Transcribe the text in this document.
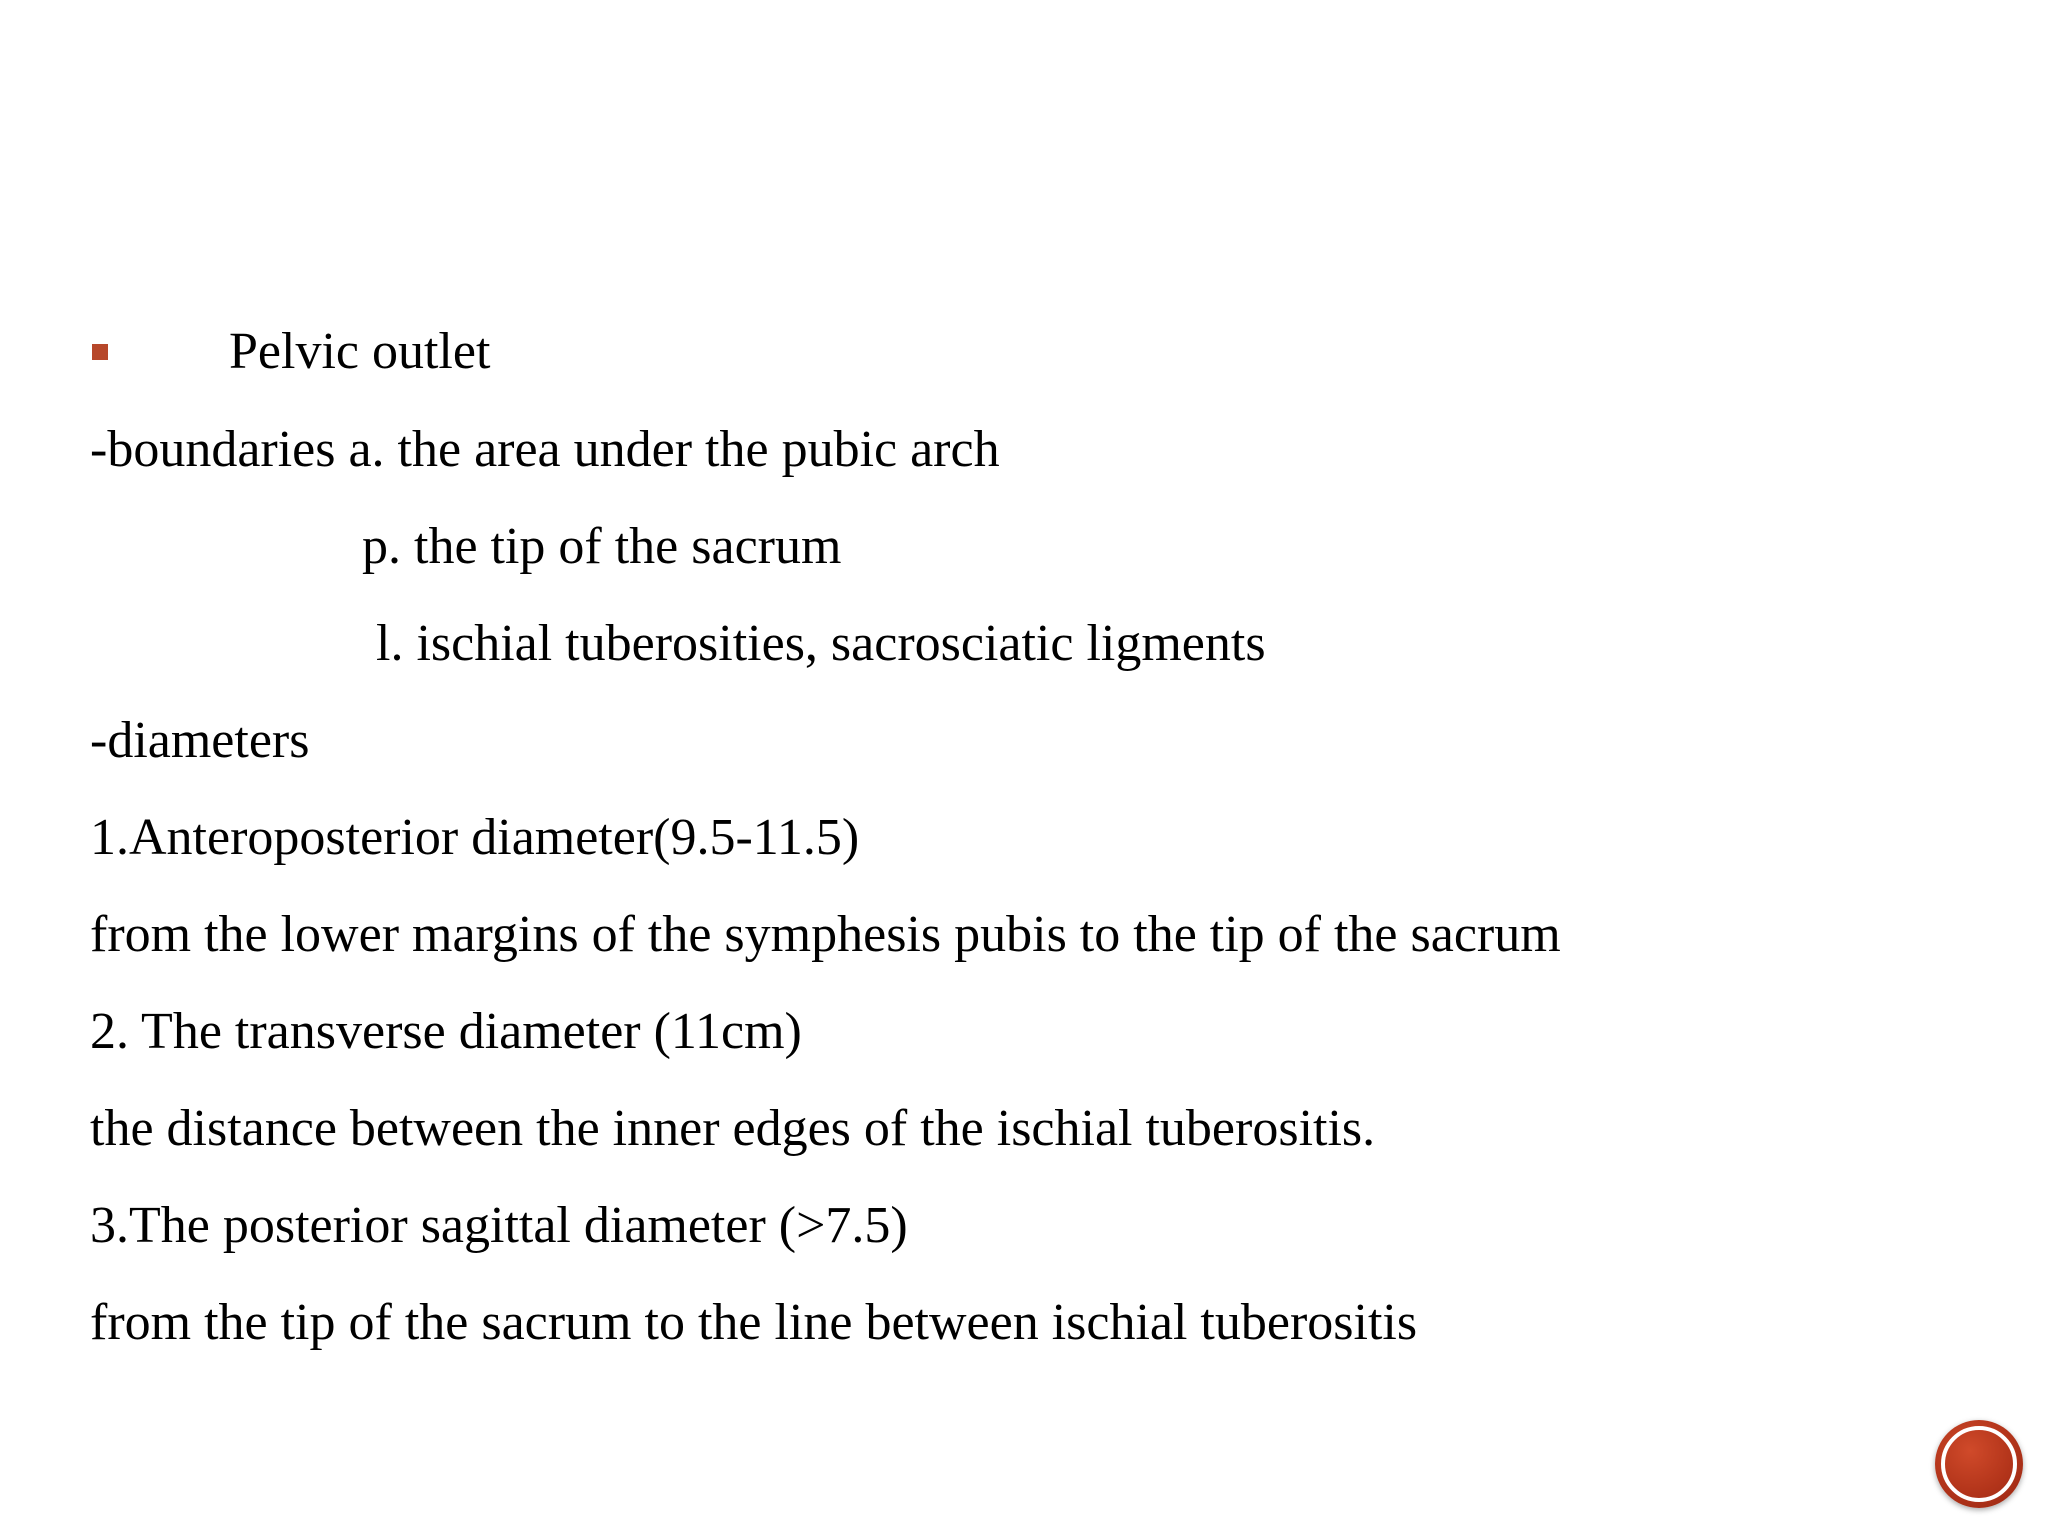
Pelvic outlet
-boundaries a. the area under the pubic arch
p. the tip of the sacrum
l. ischial tuberosities, sacrosciatic ligments
-diameters
1.Anteroposterior diameter(9.5-11.5)
from the lower margins of the symphesis pubis to the tip of the sacrum
2. The transverse diameter (11cm)
the distance between the inner edges of the ischial tuberositis.
3.The posterior sagittal diameter (>7.5)
from the tip of the sacrum to the line between ischial tuberositis
